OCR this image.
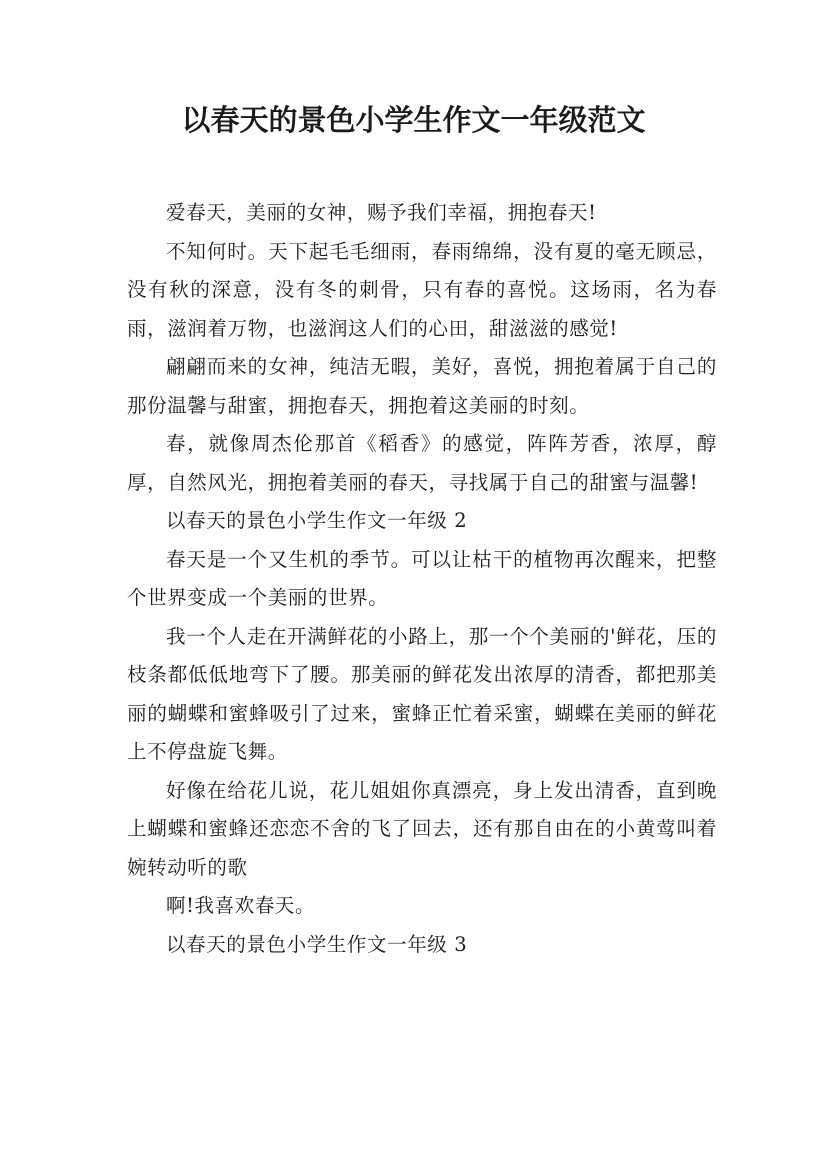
以春天的景色小学生作文一年级范文

爱春天，美丽的女神，赐予我们幸福，拥抱春天!

不知何时。天下起毛毛细雨，春雨绵绵，没有夏的毫无顾忌，没有秋的深意，没有冬的刺骨，只有春的喜悦。这场雨，名为春雨，滋润着万物，也滋润这人们的心田，甜滋滋的感觉!

翩翩而来的女神，纯洁无暇，美好，喜悦，拥抱着属于自己的那份温馨与甜蜜，拥抱春天，拥抱着这美丽的时刻。

春，就像周杰伦那首《稻香》的感觉，阵阵芳香，浓厚，醇厚，自然风光，拥抱着美丽的春天，寻找属于自己的甜蜜与温馨!

以春天的景色小学生作文一年级 2

春天是一个又生机的季节。可以让枯干的植物再次醒来，把整个世界变成一个美丽的世界。

我一个人走在开满鲜花的小路上，那一个个美丽的'鲜花，压的枝条都低低地弯下了腰。那美丽的鲜花发出浓厚的清香，都把那美丽的蝴蝶和蜜蜂吸引了过来，蜜蜂正忙着采蜜，蝴蝶在美丽的鲜花上不停盘旋飞舞。

好像在给花儿说，花儿姐姐你真漂亮，身上发出清香，直到晚上蝴蝶和蜜蜂还恋恋不舍的飞了回去，还有那自由在的小黄莺叫着婉转动听的歌

啊!我喜欢春天。

以春天的景色小学生作文一年级 3
